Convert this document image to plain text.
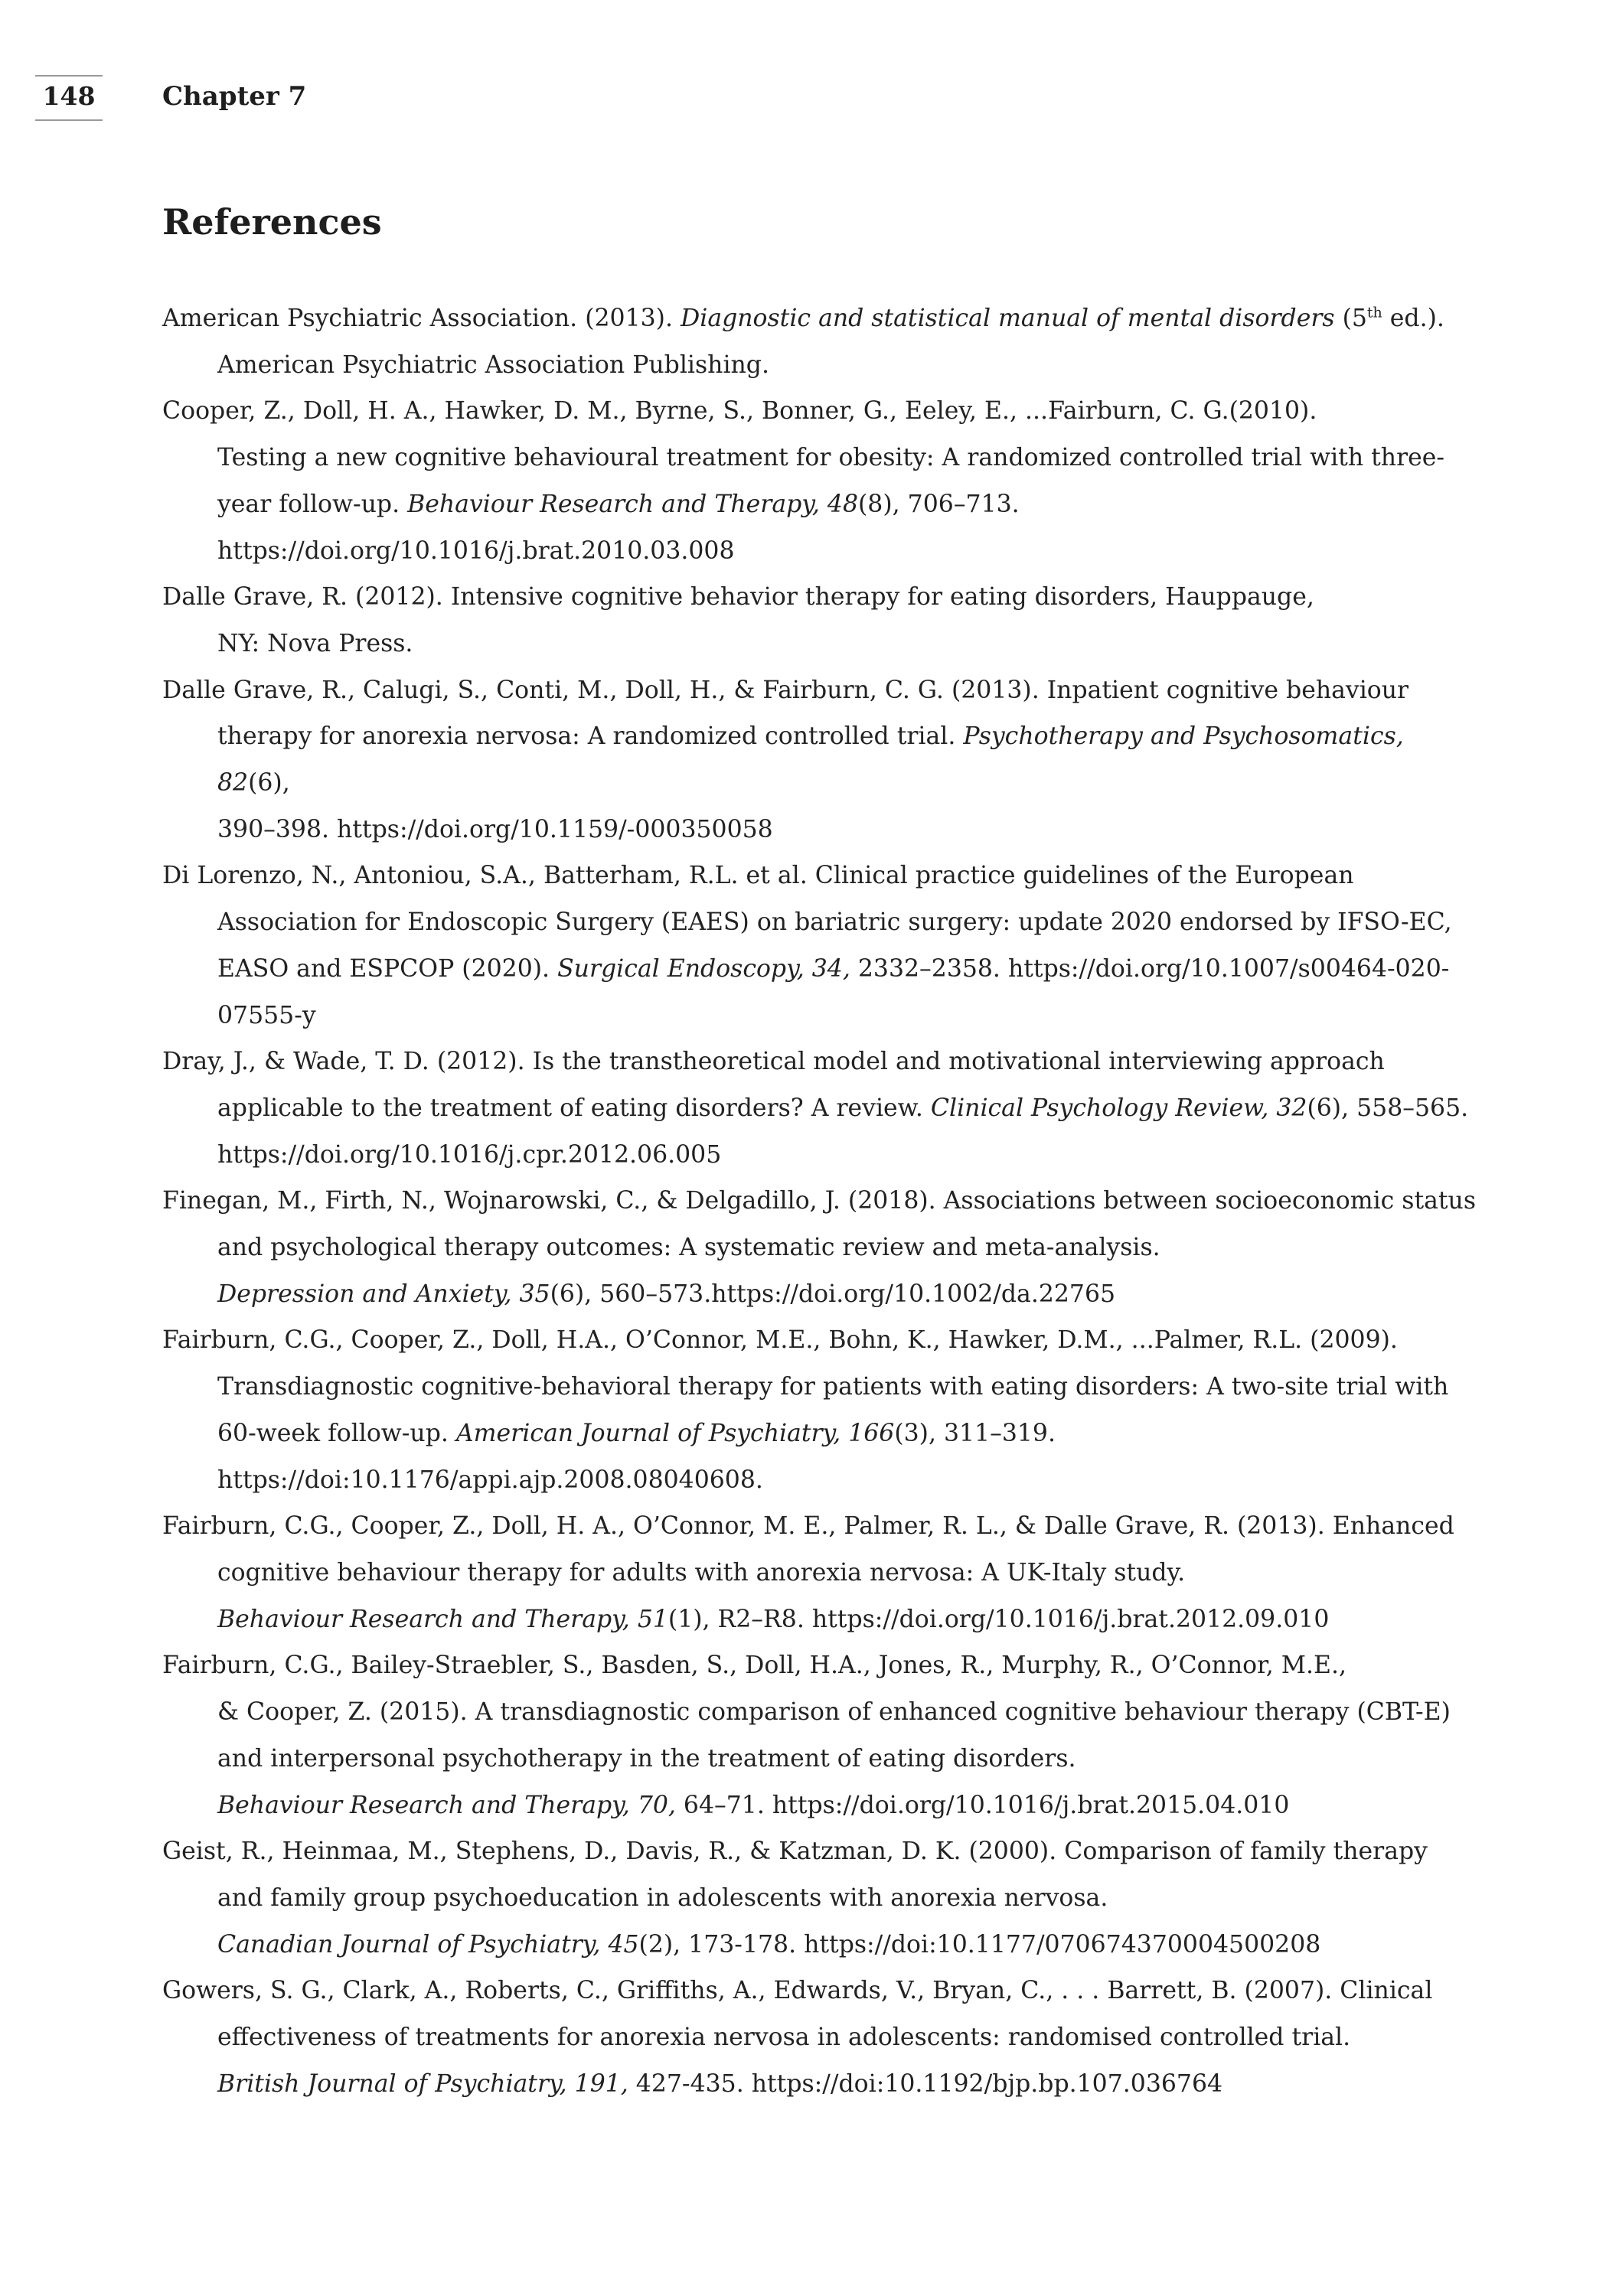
148	Chapter 7
References
American Psychiatric Association. (2013). Diagnostic and statistical manual of mental disorders (5th ed.).
American Psychiatric Association Publishing.
Cooper, Z., Doll, H. A., Hawker, D. M., Byrne, S., Bonner, G., Eeley, E., ...Fairburn, C. G.(2010).
Testing a new cognitive behavioural treatment for obesity: A randomized controlled trial with three-year follow-up. Behaviour Research and Therapy, 48(8), 706–713.
https://doi.org/10.1016/j.brat.2010.03.008
Dalle Grave, R. (2012). Intensive cognitive behavior therapy for eating disorders, Hauppauge,
NY: Nova Press.
Dalle Grave, R., Calugi, S., Conti, M., Doll, H., & Fairburn, C. G. (2013). Inpatient cognitive behaviour therapy for anorexia nervosa: A randomized controlled trial. Psychotherapy and Psychosomatics, 82(6),
390–398. https://doi.org/10.1159/-000350058
Di Lorenzo, N., Antoniou, S.A., Batterham, R.L. et al. Clinical practice guidelines of the European Association for Endoscopic Surgery (EAES) on bariatric surgery: update 2020 endorsed by IFSO-EC,
EASO and ESPCOP (2020). Surgical Endoscopy, 34, 2332–2358. https://doi.org/10.1007/s00464-020-07555-y
Dray, J., & Wade, T. D. (2012). Is the transtheoretical model and motivational interviewing approach applicable to the treatment of eating disorders? A review. Clinical Psychology Review, 32(6), 558–565.
https://doi.org/10.1016/j.cpr.2012.06.005
Finegan, M., Firth, N., Wojnarowski, C., & Delgadillo, J. (2018). Associations between socioeconomic status and psychological therapy outcomes: A systematic review and meta-analysis.
Depression and Anxiety, 35(6), 560–573.https://doi.org/10.1002/da.22765
Fairburn, C.G., Cooper, Z., Doll, H.A., O’Connor, M.E., Bohn, K., Hawker, D.M., ...Palmer, R.L. (2009). Transdiagnostic cognitive-behavioral therapy for patients with eating disorders: A two-site trial with 60-week follow-up. American Journal of Psychiatry, 166(3), 311–319.
https://doi:10.1176/appi.ajp.2008.08040608.
Fairburn, C.G., Cooper, Z., Doll, H. A., O’Connor, M. E., Palmer, R. L., & Dalle Grave, R. (2013). Enhanced cognitive behaviour therapy for adults with anorexia nervosa: A UK-Italy study.
Behaviour Research and Therapy, 51(1), R2–R8. https://doi.org/10.1016/j.brat.2012.09.010
Fairburn, C.G., Bailey-Straebler, S., Basden, S., Doll, H.A., Jones, R., Murphy, R., O’Connor, M.E.,
& Cooper, Z. (2015). A transdiagnostic comparison of enhanced cognitive behaviour therapy (CBT-E) and interpersonal psychotherapy in the treatment of eating disorders.
Behaviour Research and Therapy, 70, 64–71. https://doi.org/10.1016/j.brat.2015.04.010
Geist, R., Heinmaa, M., Stephens, D., Davis, R., & Katzman, D. K. (2000). Comparison of family therapy and family group psychoeducation in adolescents with anorexia nervosa.
Canadian Journal of Psychiatry, 45(2), 173-178. https://doi:10.1177/070674370004500208
Gowers, S. G., Clark, A., Roberts, C., Griffiths, A., Edwards, V., Bryan, C., . . . Barrett, B. (2007). Clinical effectiveness of treatments for anorexia nervosa in adolescents: randomised controlled trial.
British Journal of Psychiatry, 191, 427-435. https://doi:10.1192/bjp.bp.107.036764
